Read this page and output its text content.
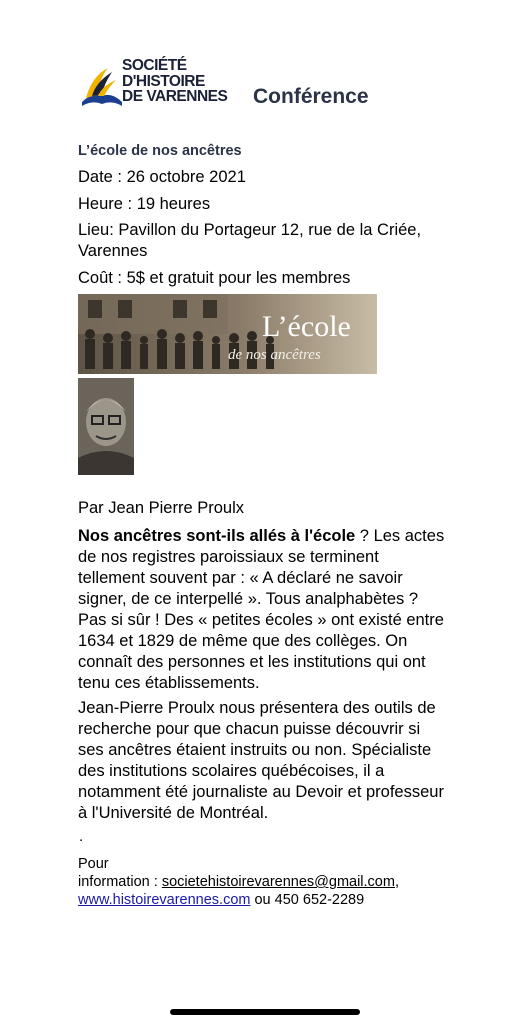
SOCIÉTÉ
D'HISTOIRE
DE VARENNES Conférence
L’école de nos ancêtres
Date : 26 octobre 2021
Heure : 19 heures
Lieu: Pavillon du Portageur 12, rue de la Criée,
Varennes
Coût : 5$ et gratuit pour les membres
L’école
de nos ancêtres
Par Jean Pierre Proulx
Nos ancêtres sont-ils allés à l'école ? Les actes de nos registres paroissiaux se terminent tellement souvent par : « A déclaré ne savoir signer, de ce interpellé ». Tous analphabètes ? Pas si sûr ! Des « petites écoles » ont existé entre 1634 et 1829 de même que des collèges. On connaît des personnes et les institutions qui ont tenu ces établissements.
Jean-Pierre Proulx nous présentera des outils de recherche pour que chacun puisse découvrir si ses ancêtres étaient instruits ou non. Spécialiste des institutions scolaires québécoises, il a notamment été journaliste au Devoir et professeur à l'Université de Montréal.
.
Pour
information : societehistoirevarennes@gmail.com,
www.histoirevarennes.com ou 450 652-2289
